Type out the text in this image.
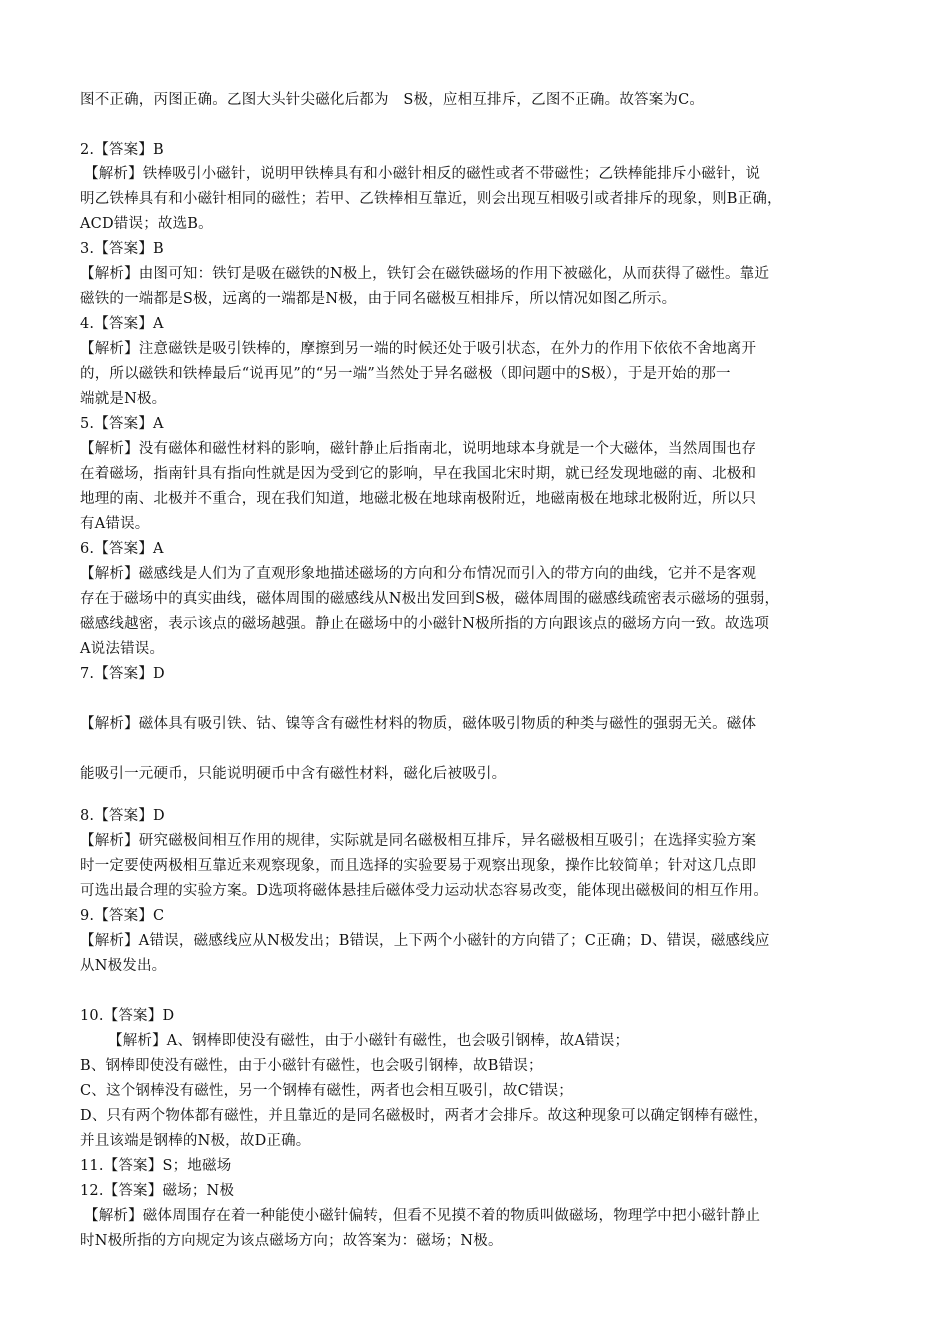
图不正确，丙图正确。乙图大头针尖磁化后都为　S极，应相互排斥，乙图不正确。故答案为C。
2.【答案】B
【解析】铁棒吸引小磁针，说明甲铁棒具有和小磁针相反的磁性或者不带磁性；乙铁棒能排斥小磁针，说
明乙铁棒具有和小磁针相同的磁性；若甲、乙铁棒相互靠近，则会出现互相吸引或者排斥的现象，则B正确，
ACD错误；故选B。
3.【答案】B
【解析】由图可知：铁钉是吸在磁铁的N极上，铁钉会在磁铁磁场的作用下被磁化，从而获得了磁性。靠近
磁铁的一端都是S极，远离的一端都是N极，由于同名磁极互相排斥，所以情况如图乙所示。
4.【答案】A
【解析】注意磁铁是吸引铁棒的，摩擦到另一端的时候还处于吸引状态，在外力的作用下依依不舍地离开
的，所以磁铁和铁棒最后“说再见”的“另一端”当然处于异名磁极（即问题中的S极），于是开始的那一
端就是N极。
5.【答案】A
【解析】没有磁体和磁性材料的影响，磁针静止后指南北，说明地球本身就是一个大磁体，当然周围也存
在着磁场，指南针具有指向性就是因为受到它的影响，早在我国北宋时期，就已经发现地磁的南、北极和
地理的南、北极并不重合，现在我们知道，地磁北极在地球南极附近，地磁南极在地球北极附近，所以只
有A错误。
6.【答案】A
【解析】磁感线是人们为了直观形象地描述磁场的方向和分布情况而引入的带方向的曲线，它并不是客观
存在于磁场中的真实曲线，磁体周围的磁感线从N极出发回到S极，磁体周围的磁感线疏密表示磁场的强弱，
磁感线越密，表示该点的磁场越强。静止在磁场中的小磁针N极所指的方向跟该点的磁场方向一致。故选项
A说法错误。
7.【答案】D
【解析】磁体具有吸引铁、钴、镍等含有磁性材料的物质，磁体吸引物质的种类与磁性的强弱无关。磁体
能吸引一元硬币，只能说明硬币中含有磁性材料，磁化后被吸引。
8.【答案】D
【解析】研究磁极间相互作用的规律，实际就是同名磁极相互排斥，异名磁极相互吸引；在选择实验方案
时一定要使两极相互靠近来观察现象，而且选择的实验要易于观察出现象，操作比较简单；针对这几点即
可选出最合理的实验方案。D选项将磁体悬挂后磁体受力运动状态容易改变，能体现出磁极间的相互作用。
9.【答案】C
【解析】A错误，磁感线应从N极发出；B错误，上下两个小磁针的方向错了；C正确；D、错误，磁感线应
从N极发出。
10.【答案】D
【解析】A、钢棒即使没有磁性，由于小磁针有磁性，也会吸引钢棒，故A错误；
B、钢棒即使没有磁性，由于小磁针有磁性，也会吸引钢棒，故B错误；
C、这个钢棒没有磁性，另一个钢棒有磁性，两者也会相互吸引，故C错误；
D、只有两个物体都有磁性，并且靠近的是同名磁极时，两者才会排斥。故这种现象可以确定钢棒有磁性，
并且该端是钢棒的N极，故D正确。
11.【答案】S；地磁场
12.【答案】磁场；N极
【解析】磁体周围存在着一种能使小磁针偏转，但看不见摸不着的物质叫做磁场，物理学中把小磁针静止
时N极所指的方向规定为该点磁场方向；故答案为：磁场；N极。
